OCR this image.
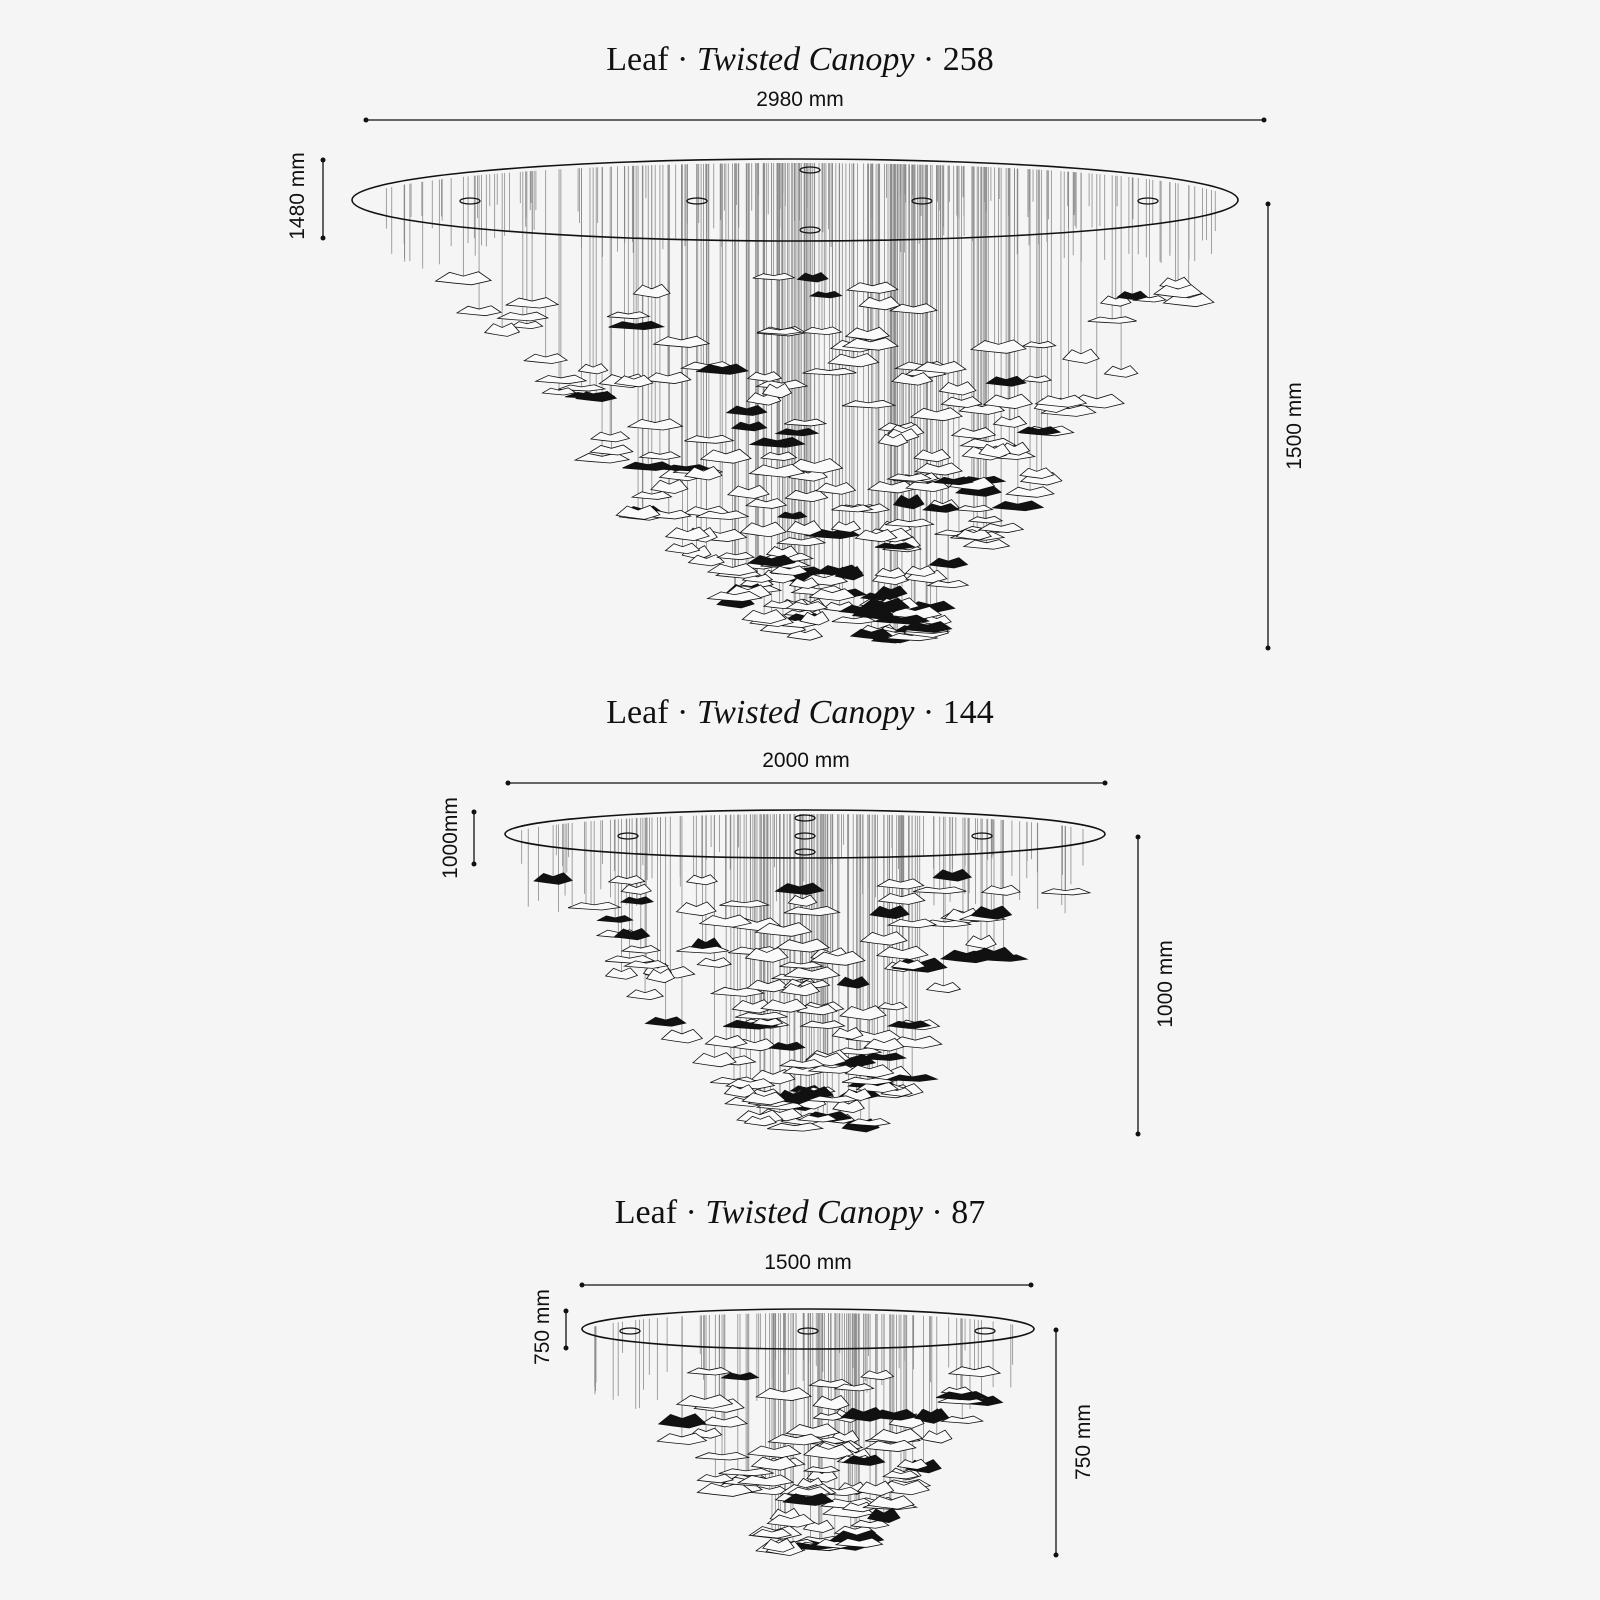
Leaf · Twisted Canopy · 258
2980 mm
1480 mm
1500 mm
Leaf · Twisted Canopy · 144
2000 mm
1000mm
1000 mm
Leaf · Twisted Canopy · 87
1500 mm
750 mm
750 mm
